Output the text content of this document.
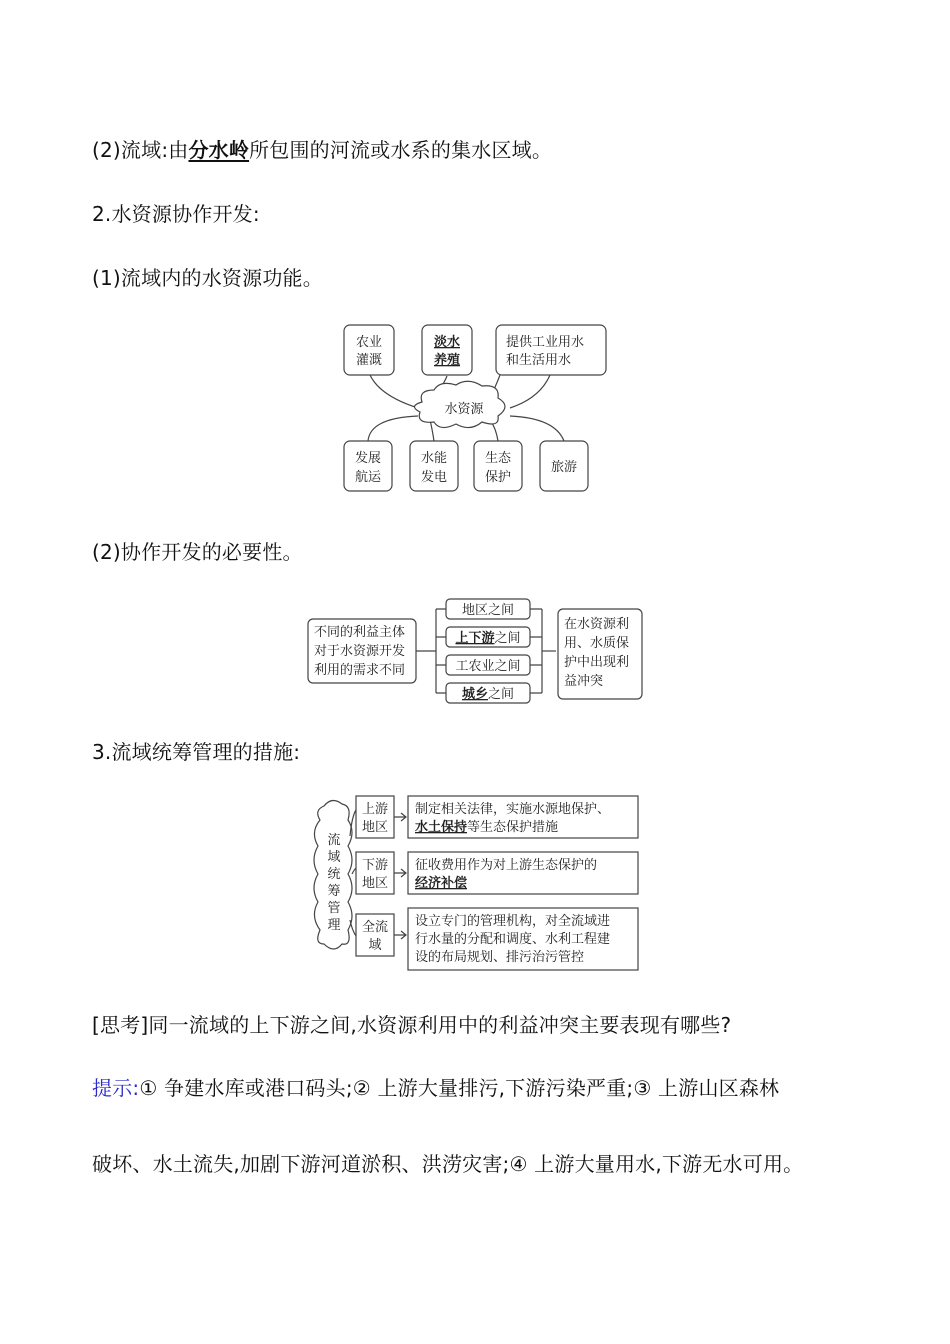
(2)流域:由分水岭所包围的河流或水系的集水区域。
2.水资源协作开发:
(1)流域内的水资源功能。
水资源
农业
灌溉
淡水
养殖
提供工业用水
和生活用水
发展
航运
水能
发电
生态
保护
旅游
(2)协作开发的必要性。
不同的利益主体
对于水资源开发
利用的需求不同
地区之间
上下游之间
工农业之间
城乡之间
在水资源利
用、水质保
护中出现利
益冲突
3.流域统筹管理的措施:
流
域
统
筹
管
理
上游
地区
下游
地区
全流
域
制定相关法律，实施水源地保护、
水土保持等生态保护措施
征收费用作为对上游生态保护的
经济补偿
设立专门的管理机构，对全流域进
行水量的分配和调度、水利工程建
设的布局规划、排污治污管控
[思考]同一流域的上下游之间,水资源利用中的利益冲突主要表现有哪些?
提示:① 争建水库或港口码头;② 上游大量排污,下游污染严重;③ 上游山区森林
破坏、水土流失,加剧下游河道淤积、洪涝灾害;④ 上游大量用水,下游无水可用。
